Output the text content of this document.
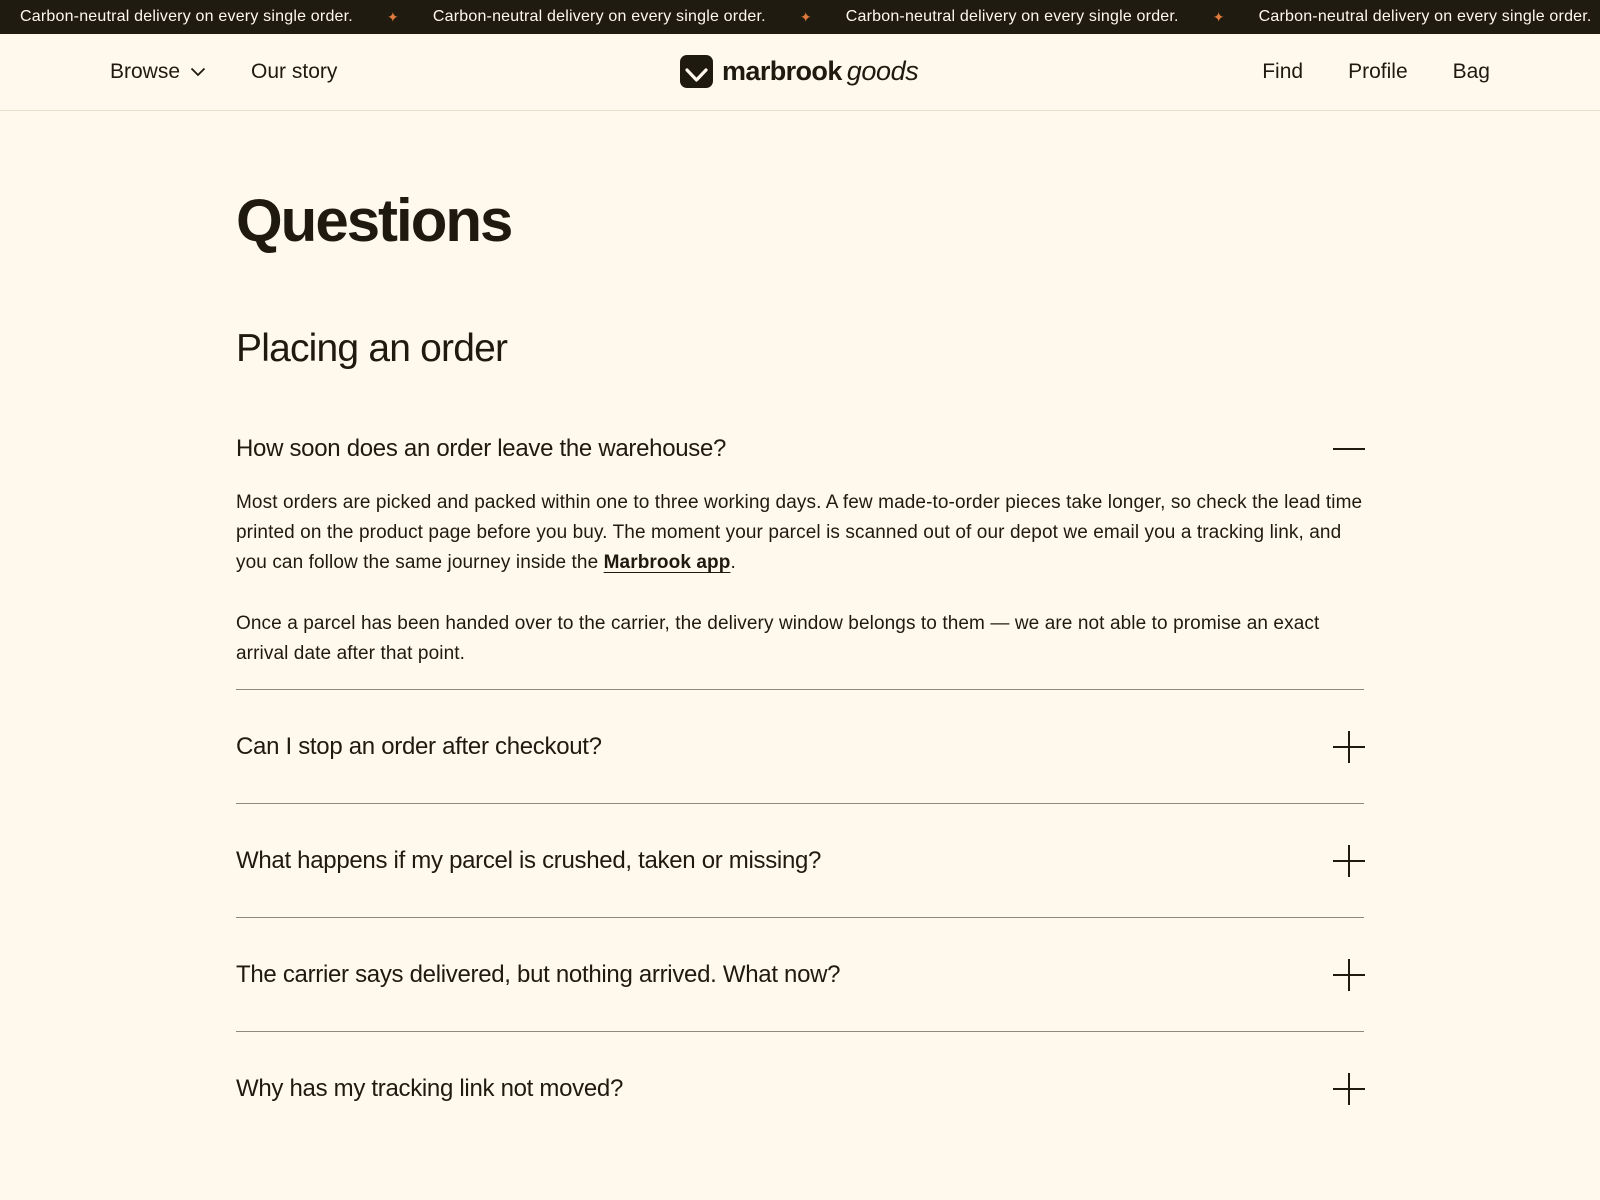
Carbon-neutral delivery on every single order. ✦ Carbon-neutral delivery on every single order. ✦ Carbon-neutral delivery on every single order. ✦ Carbon-neutral delivery on every single order.
Browse	Our story	marbrook goods	Find Profile Bag
Questions
Placing an order
How soon does an order leave the warehouse?

Most orders are picked and packed within one to three working days. A few made-to-order pieces take longer, so check the lead time printed on the product page before you buy. The moment your parcel is scanned out of our depot we email you a tracking link, and you can follow the same journey inside the Marbrook app.

Once a parcel has been handed over to the carrier, the delivery window belongs to them — we are not able to promise an exact arrival date after that point.

Can I stop an order after checkout?
What happens if my parcel is crushed, taken or missing?
The carrier says delivered, but nothing arrived. What now?
Why has my tracking link not moved?
